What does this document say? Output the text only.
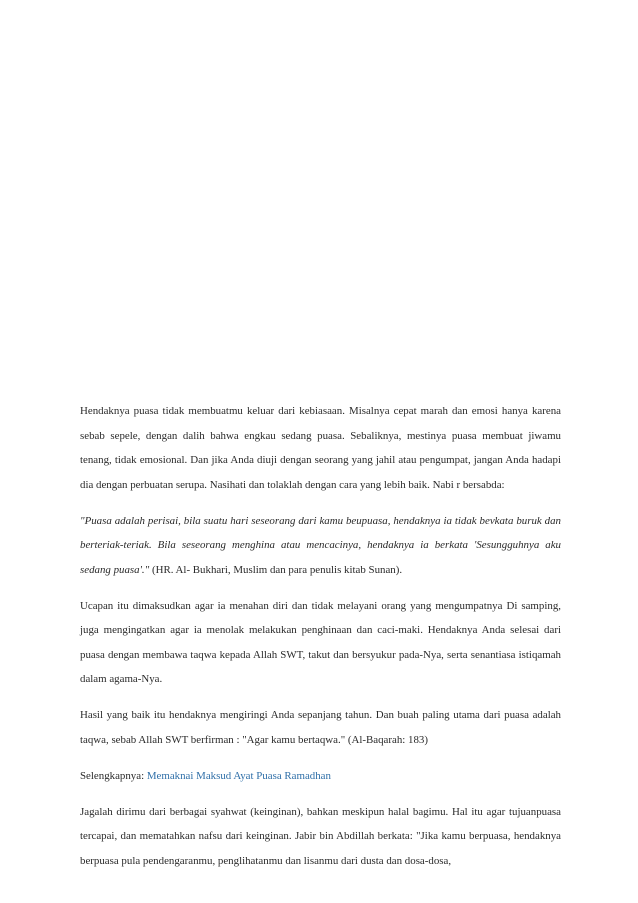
Hendaknya puasa tidak membuatmu keluar dari kebiasaan. Misalnya cepat marah dan emosi hanya karena sebab sepele, dengan dalih bahwa engkau sedang puasa. Sebaliknya, mestinya puasa membuat jiwamu tenang, tidak emosional. Dan jika Anda diuji dengan seorang yang jahil atau pengumpat, jangan Anda hadapi dia dengan perbuatan serupa. Nasihati dan tolaklah dengan cara yang lebih baik. Nabi r bersabda:

"Puasa adalah perisai, bila suatu hari seseorang dari kamu beupuasa, hendaknya ia tidak bevkata buruk dan berteriak-teriak. Bila seseorang menghina atau mencacinya, hendaknya ia berkata 'Sesungguhnya aku sedang puasa'." (HR. Al- Bukhari, Muslim dan para penulis kitab Sunan).

Ucapan itu dimaksudkan agar ia menahan diri dan tidak melayani orang yang mengumpatnya Di samping, juga mengingatkan agar ia menolak melakukan penghinaan dan caci-maki. Hendaknya Anda selesai dari puasa dengan membawa taqwa kepada Allah SWT, takut dan bersyukur pada-Nya, serta senantiasa istiqamah dalam agama-Nya.

Hasil yang baik itu hendaknya mengiringi Anda sepanjang tahun. Dan buah paling utama dari puasa adalah taqwa, sebab Allah SWT berfirman : "Agar kamu bertaqwa." (Al-Baqarah: 183)

Selengkapnya: Memaknai Maksud Ayat Puasa Ramadhan

Jagalah dirimu dari berbagai syahwat (keinginan), bahkan meskipun halal bagimu. Hal itu agar tujuanpuasa tercapai, dan mematahkan nafsu dari keinginan. Jabir bin Abdillah berkata: "Jika kamu berpuasa, hendaknya berpuasa pula pendengaranmu, penglihatanmu dan lisanmu dari dusta dan dosa-dosa,
